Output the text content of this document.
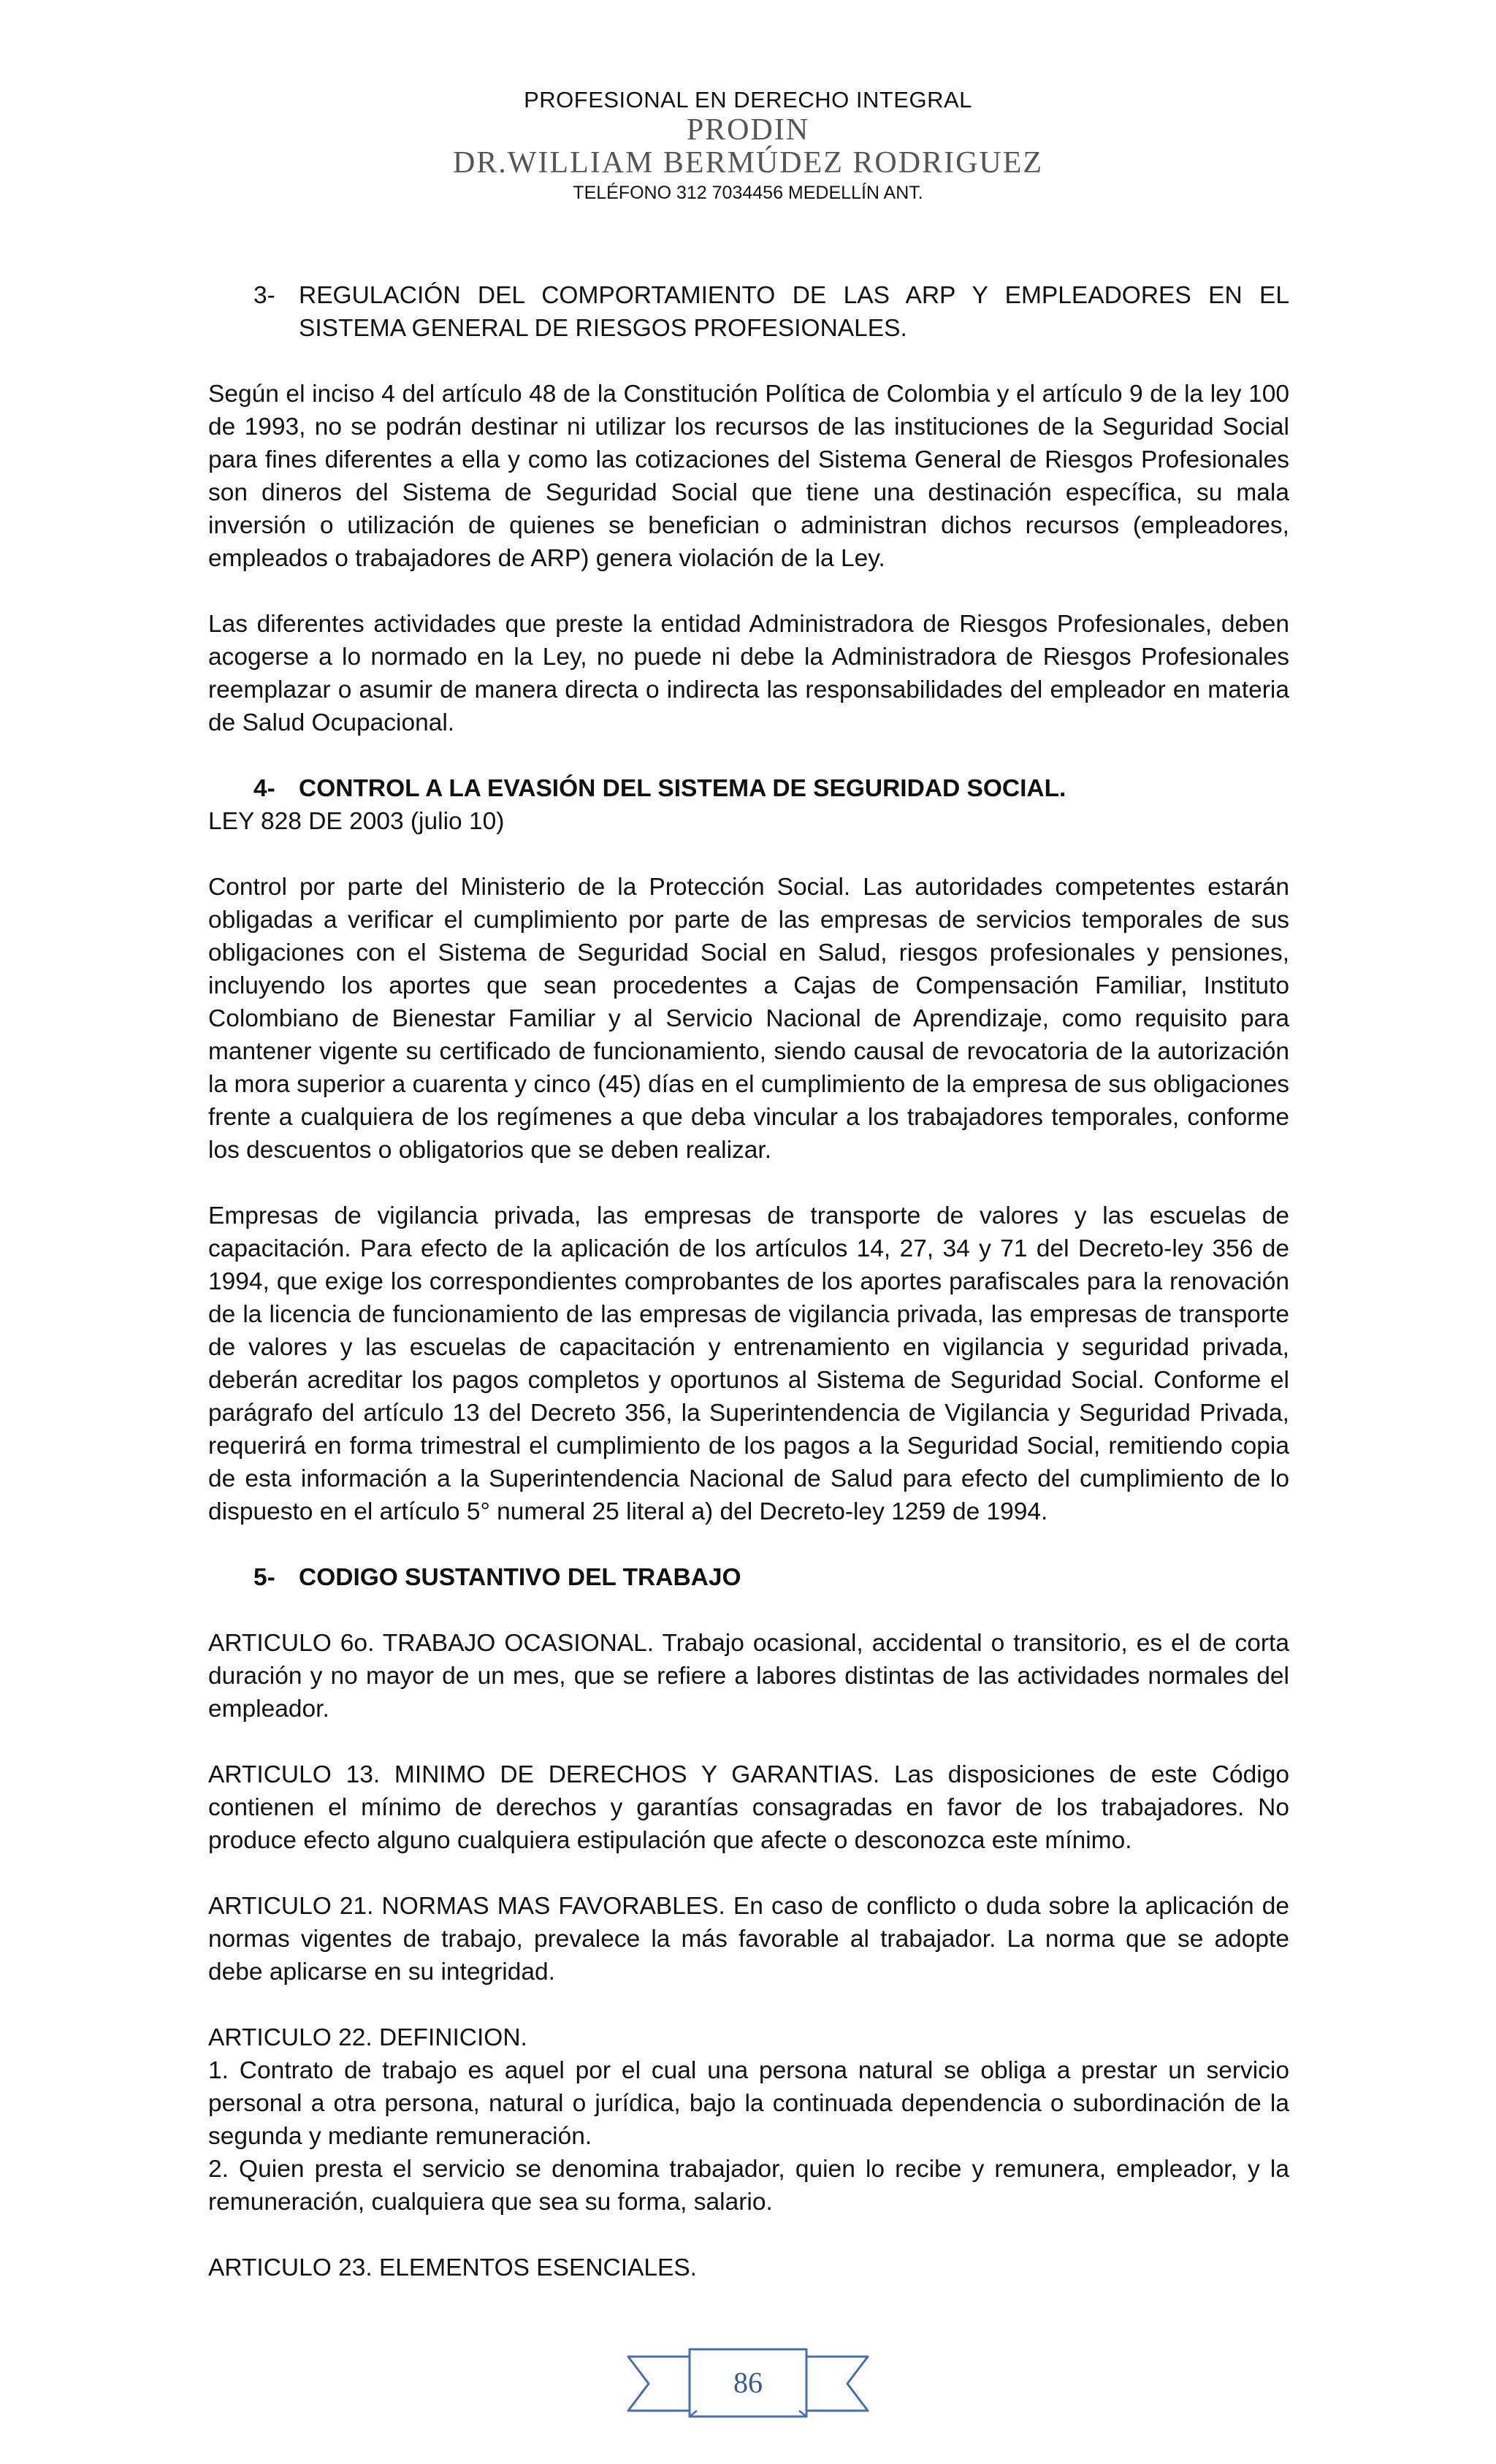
PROFESIONAL EN DERECHO INTEGRAL
PRODIN
DR.WILLIAM BERMÚDEZ RODRIGUEZ
TELÉFONO 312 7034456 MEDELLÍN ANT.
3- REGULACIÓN DEL COMPORTAMIENTO DE LAS ARP Y EMPLEADORES EN EL SISTEMA GENERAL DE RIESGOS PROFESIONALES.

Según el inciso 4 del artículo 48 de la Constitución Política de Colombia y el artículo 9 de la ley 100 de 1993, no se podrán destinar ni utilizar los recursos de las instituciones de la Seguridad Social para fines diferentes a ella y como las cotizaciones del Sistema General de Riesgos Profesionales son dineros del Sistema de Seguridad Social que tiene una destinación específica, su mala inversión o utilización de quienes se benefician o administran dichos recursos (empleadores, empleados o trabajadores de ARP) genera violación de la Ley.

Las diferentes actividades que preste la entidad Administradora de Riesgos Profesionales, deben acogerse a lo normado en la Ley, no puede ni debe la Administradora de Riesgos Profesionales reemplazar o asumir de manera directa o indirecta las responsabilidades del empleador en materia de Salud Ocupacional.

4- CONTROL A LA EVASIÓN DEL SISTEMA DE SEGURIDAD SOCIAL.

LEY 828 DE 2003 (julio 10)

Control por parte del Ministerio de la Protección Social. Las autoridades competentes estarán obligadas a verificar el cumplimiento por parte de las empresas de servicios temporales de sus obligaciones con el Sistema de Seguridad Social en Salud, riesgos profesionales y pensiones, incluyendo los aportes que sean procedentes a Cajas de Compensación Familiar, Instituto Colombiano de Bienestar Familiar y al Servicio Nacional de Aprendizaje, como requisito para mantener vigente su certificado de funcionamiento, siendo causal de revocatoria de la autorización la mora superior a cuarenta y cinco (45) días en el cumplimiento de la empresa de sus obligaciones frente a cualquiera de los regímenes a que deba vincular a los trabajadores temporales, conforme los descuentos o obligatorios que se deben realizar.

Empresas de vigilancia privada, las empresas de transporte de valores y las escuelas de capacitación. Para efecto de la aplicación de los artículos 14, 27, 34 y 71 del Decreto-ley 356 de 1994, que exige los correspondientes comprobantes de los aportes parafiscales para la renovación de la licencia de funcionamiento de las empresas de vigilancia privada, las empresas de transporte de valores y las escuelas de capacitación y entrenamiento en vigilancia y seguridad privada, deberán acreditar los pagos completos y oportunos al Sistema de Seguridad Social. Conforme el parágrafo del artículo 13 del Decreto 356, la Superintendencia de Vigilancia y Seguridad Privada, requerirá en forma trimestral el cumplimiento de los pagos a la Seguridad Social, remitiendo copia de esta información a la Superintendencia Nacional de Salud para efecto del cumplimiento de lo dispuesto en el artículo 5° numeral 25 literal a) del Decreto-ley 1259 de 1994.

5- CODIGO SUSTANTIVO DEL TRABAJO

ARTICULO 6o. TRABAJO OCASIONAL. Trabajo ocasional, accidental o transitorio, es el de corta duración y no mayor de un mes, que se refiere a labores distintas de las actividades normales del empleador.

ARTICULO 13. MINIMO DE DERECHOS Y GARANTIAS. Las disposiciones de este Código contienen el mínimo de derechos y garantías consagradas en favor de los trabajadores. No produce efecto alguno cualquiera estipulación que afecte o desconozca este mínimo.

ARTICULO 21. NORMAS MAS FAVORABLES. En caso de conflicto o duda sobre la aplicación de normas vigentes de trabajo, prevalece la más favorable al trabajador. La norma que se adopte debe aplicarse en su integridad.

ARTICULO 22. DEFINICION.

1. Contrato de trabajo es aquel por el cual una persona natural se obliga a prestar un servicio personal a otra persona, natural o jurídica, bajo la continuada dependencia o subordinación de la segunda y mediante remuneración.

2. Quien presta el servicio se denomina trabajador, quien lo recibe y remunera, empleador, y la remuneración, cualquiera que sea su forma, salario.

ARTICULO 23. ELEMENTOS ESENCIALES.

86
